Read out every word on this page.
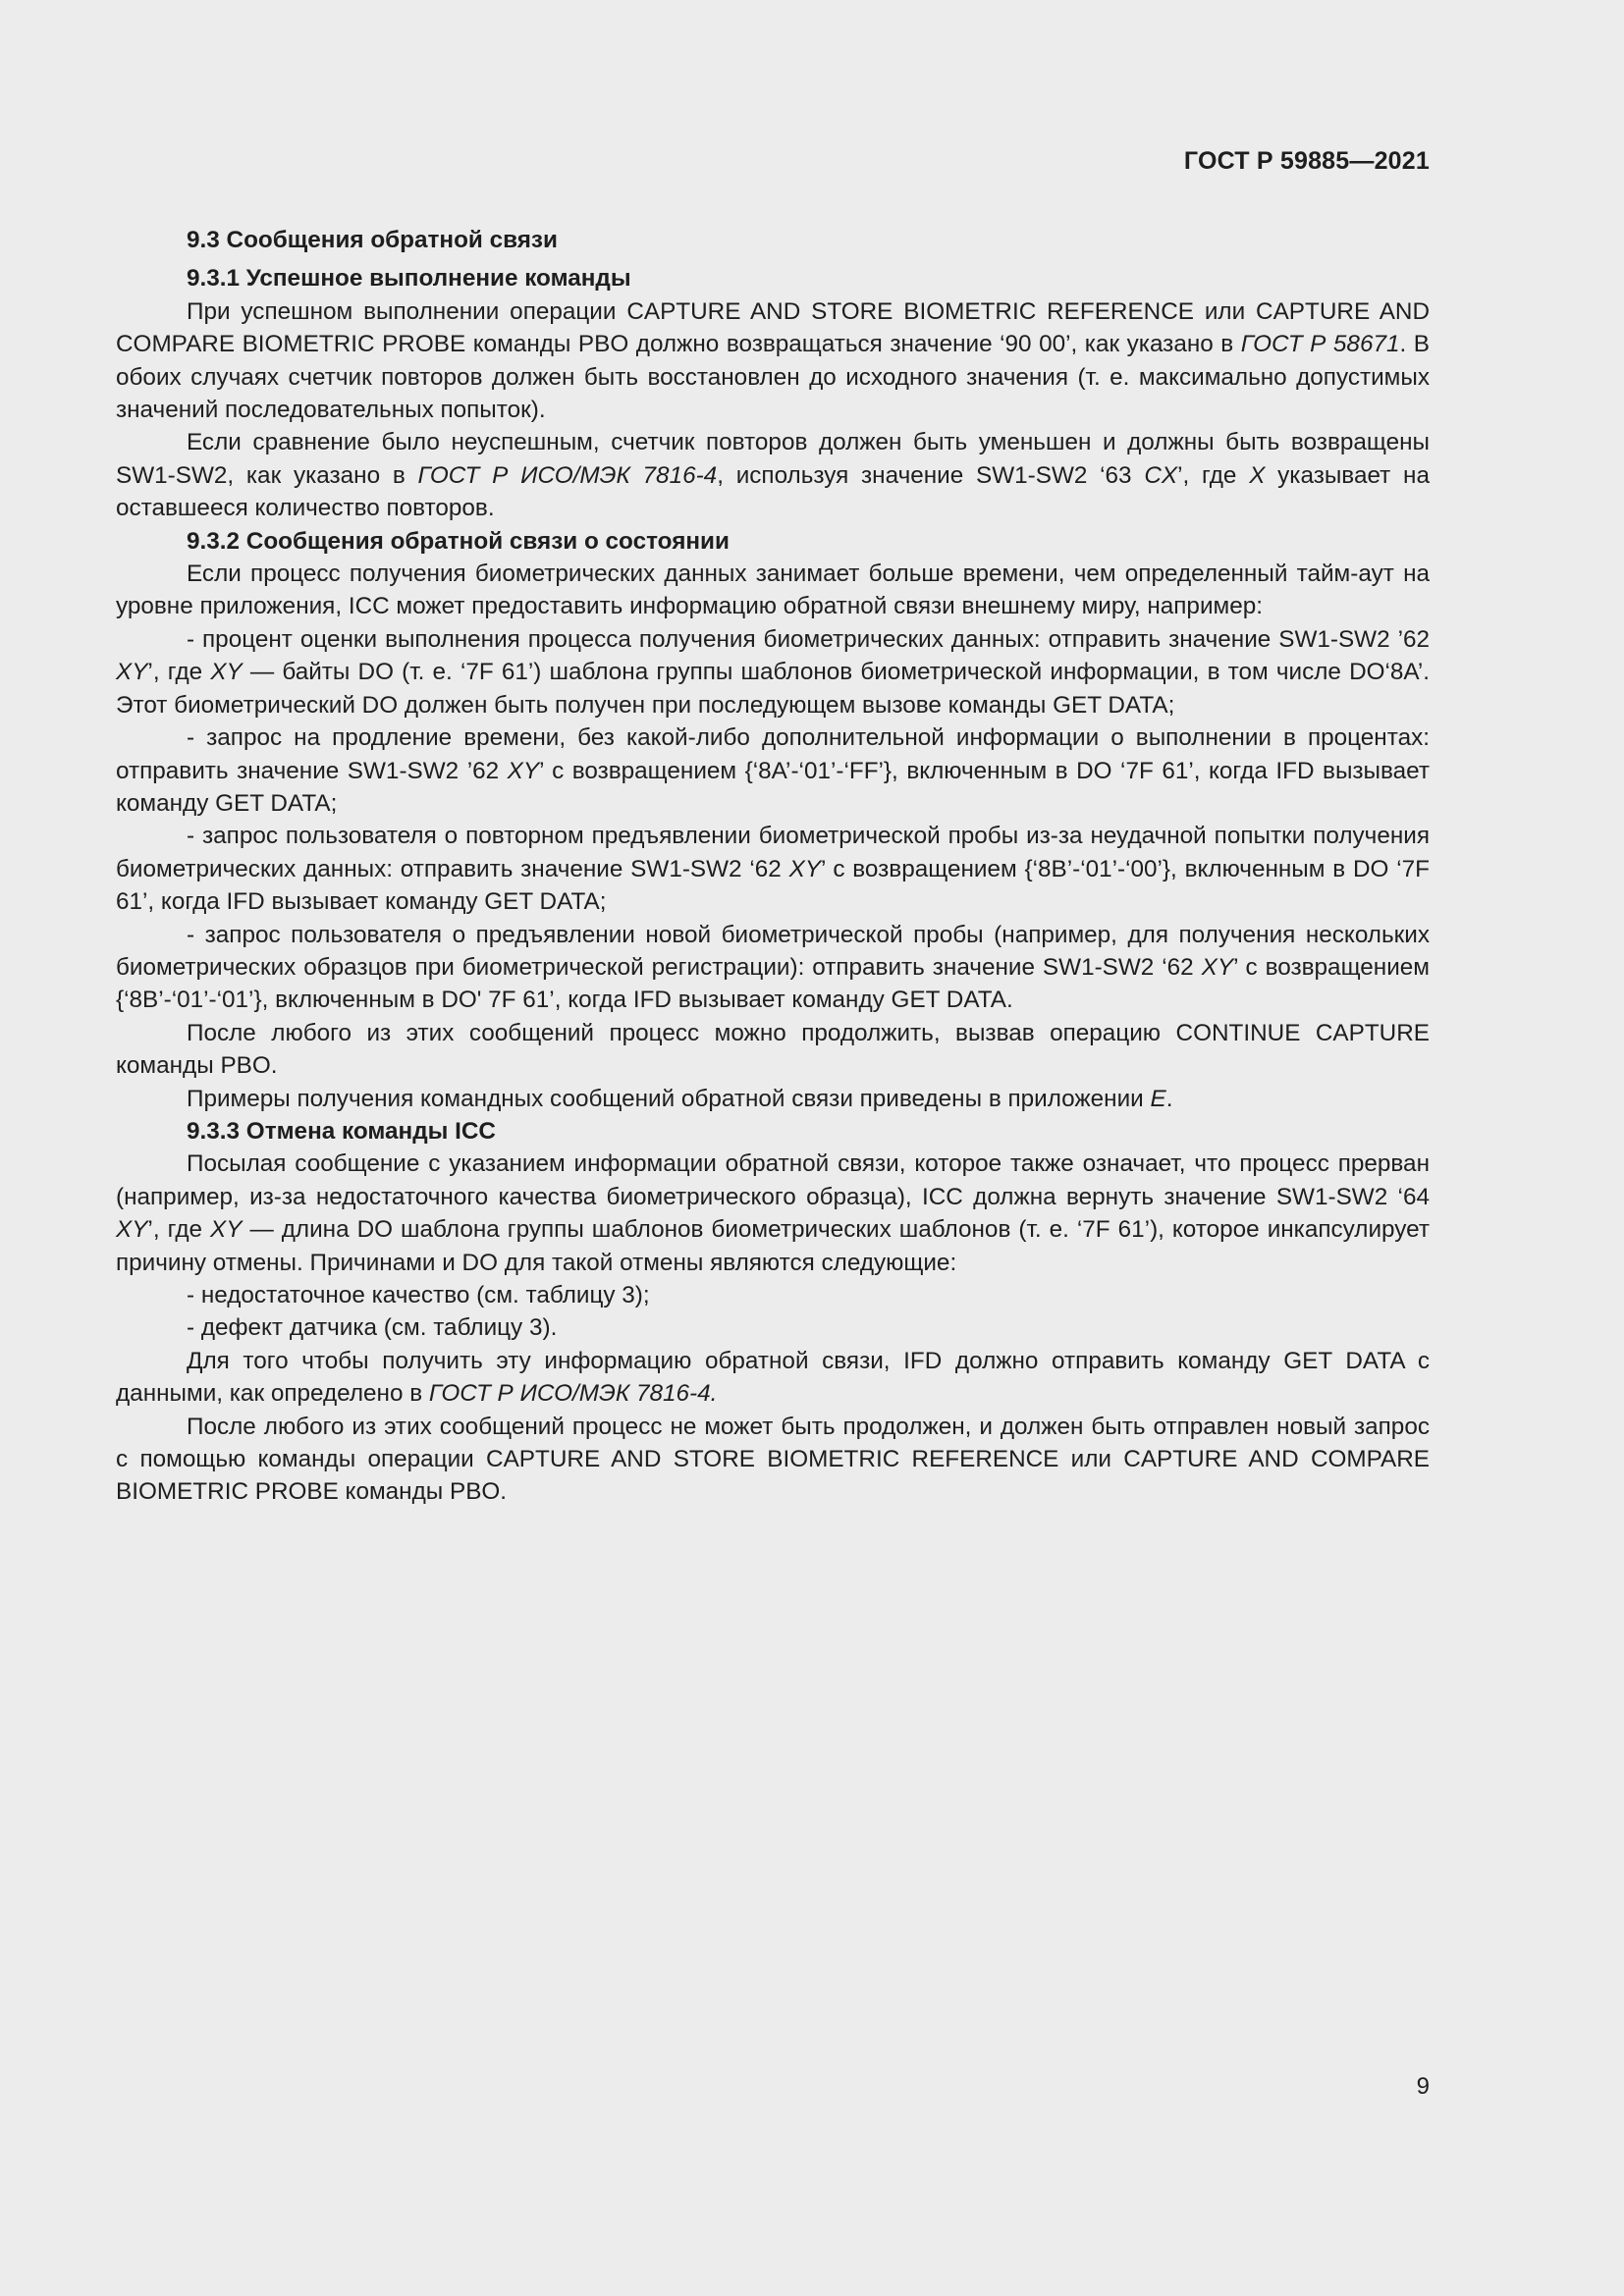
ГОСТ Р 59885—2021

9.3 Сообщения обратной связи

9.3.1 Успешное выполнение команды

При успешном выполнении операции CAPTURE AND STORE BIOMETRIC REFERENCE или CAPTURE AND COMPARE BIOMETRIC PROBE команды PBO должно возвращаться значение ‘90 00’, как указано в ГОСТ Р 58671. В обоих случаях счетчик повторов должен быть восстановлен до исходного значения (т. е. максимально допустимых значений последовательных попыток).

Если сравнение было неуспешным, счетчик повторов должен быть уменьшен и должны быть возвращены SW1-SW2, как указано в ГОСТ Р ИСО/МЭК 7816-4, используя значение SW1-SW2 ‘63 CX’, где X указывает на оставшееся количество повторов.

9.3.2 Сообщения обратной связи о состоянии

Если процесс получения биометрических данных занимает больше времени, чем определенный тайм-аут на уровне приложения, ICC может предоставить информацию обратной связи внешнему миру, например:

- процент оценки выполнения процесса получения биометрических данных: отправить значение SW1-SW2 ’62 XY’, где XY — байты DO (т. е. ‘7F 61’) шаблона группы шаблонов биометрической информации, в том числе DO‘8A’. Этот биометрический DO должен быть получен при последующем вызове команды GET DATA;

- запрос на продление времени, без какой-либо дополнительной информации о выполнении в процентах: отправить значение SW1-SW2 ’62 XY’ с возвращением {‘8A’-‘01’-‘FF’}, включенным в DO ‘7F 61’, когда IFD вызывает команду GET DATA;

- запрос пользователя о повторном предъявлении биометрической пробы из-за неудачной попытки получения биометрических данных: отправить значение SW1-SW2 ‘62 XY’ с возвращением {‘8B’-‘01’-‘00’}, включенным в DO ‘7F 61’, когда IFD вызывает команду GET DATA;

- запрос пользователя о предъявлении новой биометрической пробы (например, для получения нескольких биометрических образцов при биометрической регистрации): отправить значение SW1-SW2 ‘62 XY’ с возвращением {‘8B’-‘01’-‘01’}, включенным в DO' 7F 61’, когда IFD вызывает команду GET DATA.

После любого из этих сообщений процесс можно продолжить, вызвав операцию CONTINUE CAPTURE команды PBO.

Примеры получения командных сообщений обратной связи приведены в приложении Е.

9.3.3 Отмена команды ICC

Посылая сообщение с указанием информации обратной связи, которое также означает, что процесс прерван (например, из-за недостаточного качества биометрического образца), ICC должна вернуть значение SW1-SW2 ‘64 XY’, где XY — длина DO шаблона группы шаблонов биометрических шаблонов (т. е. ‘7F 61’), которое инкапсулирует причину отмены. Причинами и DO для такой отмены являются следующие:

- недостаточное качество (см. таблицу 3);

- дефект датчика (см. таблицу 3).

Для того чтобы получить эту информацию обратной связи, IFD должно отправить команду GET DATA с данными, как определено в ГОСТ Р ИСО/МЭК 7816-4.

После любого из этих сообщений процесс не может быть продолжен, и должен быть отправлен новый запрос с помощью команды операции CAPTURE AND STORE BIOMETRIC REFERENCE или CAPTURE AND COMPARE BIOMETRIC PROBE команды PBO.

9
